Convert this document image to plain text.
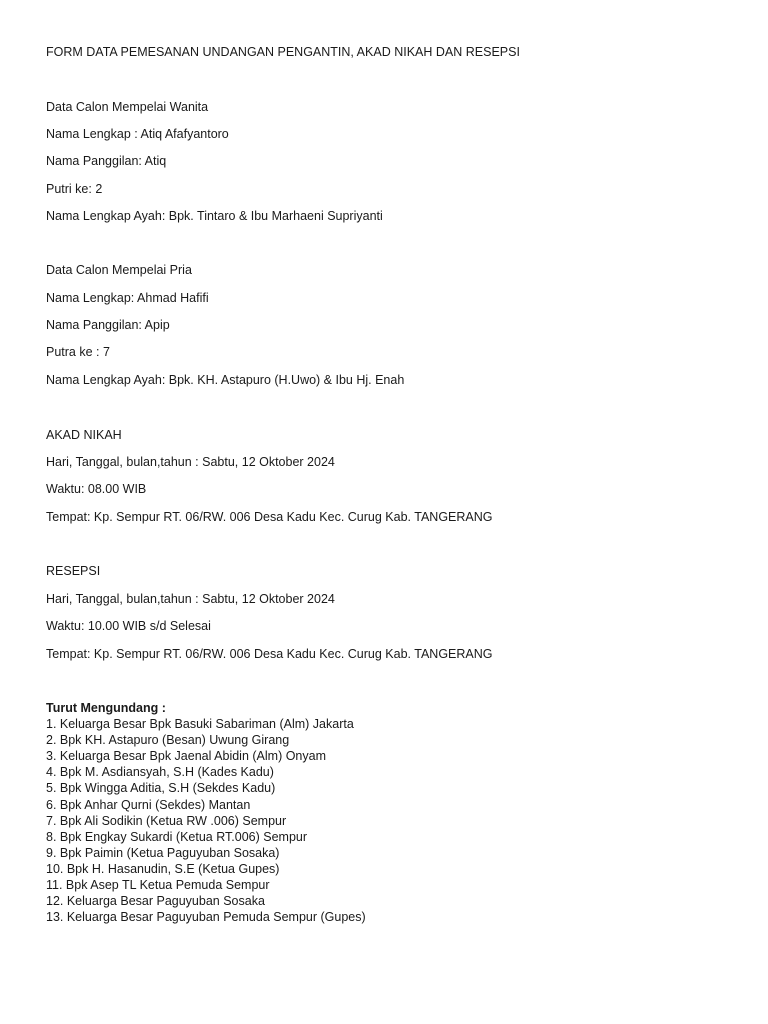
FORM DATA PEMESANAN UNDANGAN PENGANTIN, AKAD NIKAH DAN RESEPSI
Data Calon Mempelai Wanita
Nama Lengkap : Atiq Afafyantoro
Nama Panggilan: Atiq
Putri ke: 2
Nama Lengkap Ayah: Bpk. Tintaro & Ibu Marhaeni Supriyanti
Data Calon Mempelai Pria
Nama Lengkap: Ahmad Hafifi
Nama Panggilan: Apip
Putra ke : 7
Nama Lengkap Ayah: Bpk. KH. Astapuro (H.Uwo) & Ibu Hj. Enah
AKAD NIKAH
Hari, Tanggal, bulan,tahun : Sabtu, 12 Oktober 2024
Waktu: 08.00 WIB
Tempat: Kp. Sempur RT. 06/RW. 006 Desa Kadu Kec. Curug Kab. TANGERANG
RESEPSI
Hari, Tanggal, bulan,tahun : Sabtu, 12 Oktober 2024
Waktu: 10.00 WIB s/d Selesai
Tempat: Kp. Sempur RT. 06/RW. 006 Desa Kadu Kec. Curug Kab. TANGERANG
Turut Mengundang :
1. Keluarga Besar Bpk Basuki Sabariman (Alm) Jakarta
2. Bpk KH. Astapuro (Besan) Uwung Girang
3. Keluarga Besar Bpk Jaenal Abidin (Alm) Onyam
4. Bpk M. Asdiansyah, S.H (Kades Kadu)
5. Bpk Wingga Aditia, S.H (Sekdes Kadu)
6. Bpk Anhar Qurni (Sekdes) Mantan
7. Bpk Ali Sodikin (Ketua RW .006) Sempur
8. Bpk Engkay Sukardi (Ketua RT.006) Sempur
9. Bpk Paimin (Ketua Paguyuban Sosaka)
10. Bpk H. Hasanudin, S.E (Ketua Gupes)
11. Bpk Asep TL Ketua Pemuda Sempur
12. Keluarga Besar Paguyuban Sosaka
13. Keluarga Besar Paguyuban Pemuda Sempur (Gupes)
